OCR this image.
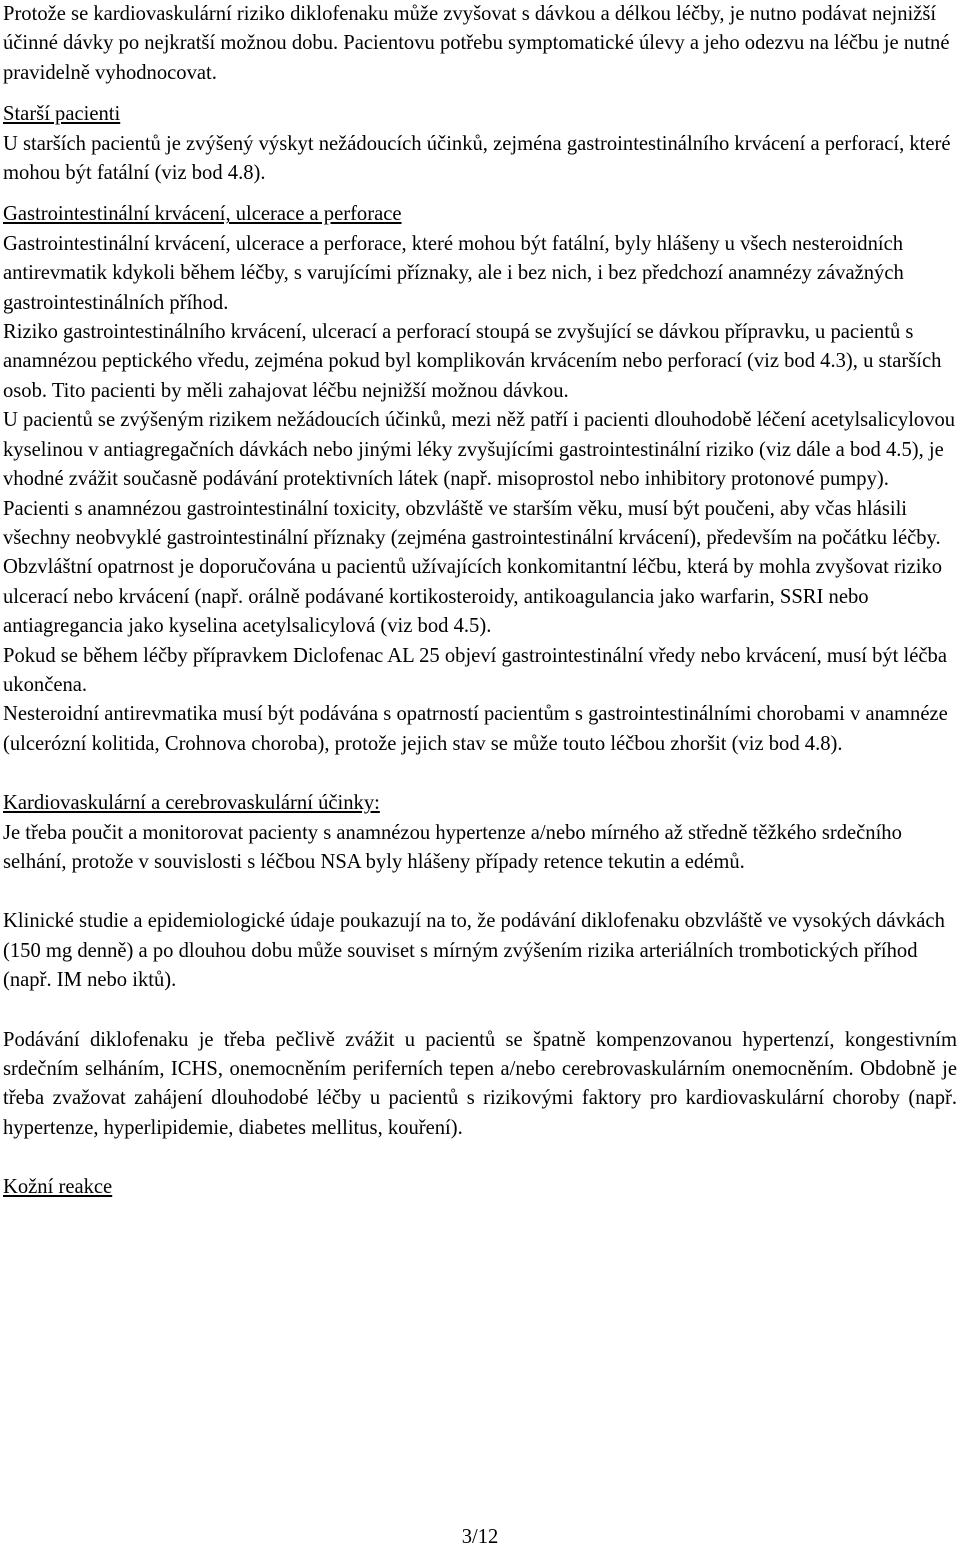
Protože se kardiovaskulární riziko diklofenaku může zvyšovat s dávkou a délkou léčby, je nutno podávat nejnižší účinné dávky po nejkratší možnou dobu. Pacientovu potřebu symptomatické úlevy a jeho odezvu na léčbu je nutné pravidelně vyhodnocovat.

Starší pacienti

U starších pacientů je zvýšený výskyt nežádoucích účinků, zejména gastrointestinálního krvácení a perforací, které mohou být fatální (viz bod 4.8).

Gastrointestinální krvácení, ulcerace a perforace

Gastrointestinální krvácení, ulcerace a perforace, které mohou být fatální, byly hlášeny u všech nesteroidních antirevmatik kdykoli během léčby, s varujícími příznaky, ale i bez nich, i bez předchozí anamnézy závažných gastrointestinálních příhod.

Riziko gastrointestinálního krvácení, ulcerací a perforací stoupá se zvyšující se dávkou přípravku, u pacientů s anamnézou peptického vředu, zejména pokud byl komplikován krvácením nebo perforací (viz bod 4.3), u starších osob. Tito pacienti by měli zahajovat léčbu nejnižší možnou dávkou.

U pacientů se zvýšeným rizikem nežádoucích účinků, mezi něž patří i pacienti dlouhodobě léčení acetylsalicylovou kyselinou v antiagregačních dávkách nebo jinými léky zvyšujícími gastrointestinální riziko (viz dále a bod 4.5), je vhodné zvážit současně podávání protektivních látek (např. misoprostol nebo inhibitory protonové pumpy).

Pacienti s anamnézou gastrointestinální toxicity, obzvláště ve starším věku, musí být poučeni, aby včas hlásili všechny neobvyklé gastrointestinální příznaky (zejména gastrointestinální krvácení), především na počátku léčby.

Obzvláštní opatrnost je doporučována u pacientů užívajících konkomitantní léčbu, která by mohla zvyšovat riziko ulcerací nebo krvácení (např. orálně podávané kortikosteroidy, antikoagulancia jako warfarin, SSRI nebo antiagregancia jako kyselina acetylsalicylová (viz bod 4.5).

Pokud se během léčby přípravkem Diclofenac AL 25 objeví gastrointestinální vředy nebo krvácení, musí být léčba ukončena.

Nesteroidní antirevmatika musí být podávána s opatrností pacientům s gastrointestinálními chorobami v anamnéze (ulcerózní kolitida, Crohnova choroba), protože jejich stav se může touto léčbou zhoršit (viz bod 4.8).

Kardiovaskulární a cerebrovaskulární účinky:

Je třeba poučit a monitorovat pacienty s anamnézou hypertenze a/nebo mírného až středně těžkého srdečního selhání, protože v souvislosti s léčbou NSA byly hlášeny případy retence tekutin a edémů.

Klinické studie a epidemiologické údaje poukazují na to, že podávání diklofenaku obzvláště ve vysokých dávkách (150 mg denně) a po dlouhou dobu může souviset s mírným zvýšením rizika arteriálních trombotických příhod (např. IM nebo iktů).

Podávání diklofenaku je třeba pečlivě zvážit u pacientů se špatně kompenzovanou hypertenzí, kongestivním srdečním selháním, ICHS, onemocněním periferních tepen a/nebo cerebrovaskulárním onemocněním. Obdobně je třeba zvažovat zahájení dlouhodobé léčby u pacientů s rizikovými faktory pro kardiovaskulární choroby (např. hypertenze, hyperlipidemie, diabetes mellitus, kouření).

Kožní reakce

3/12
